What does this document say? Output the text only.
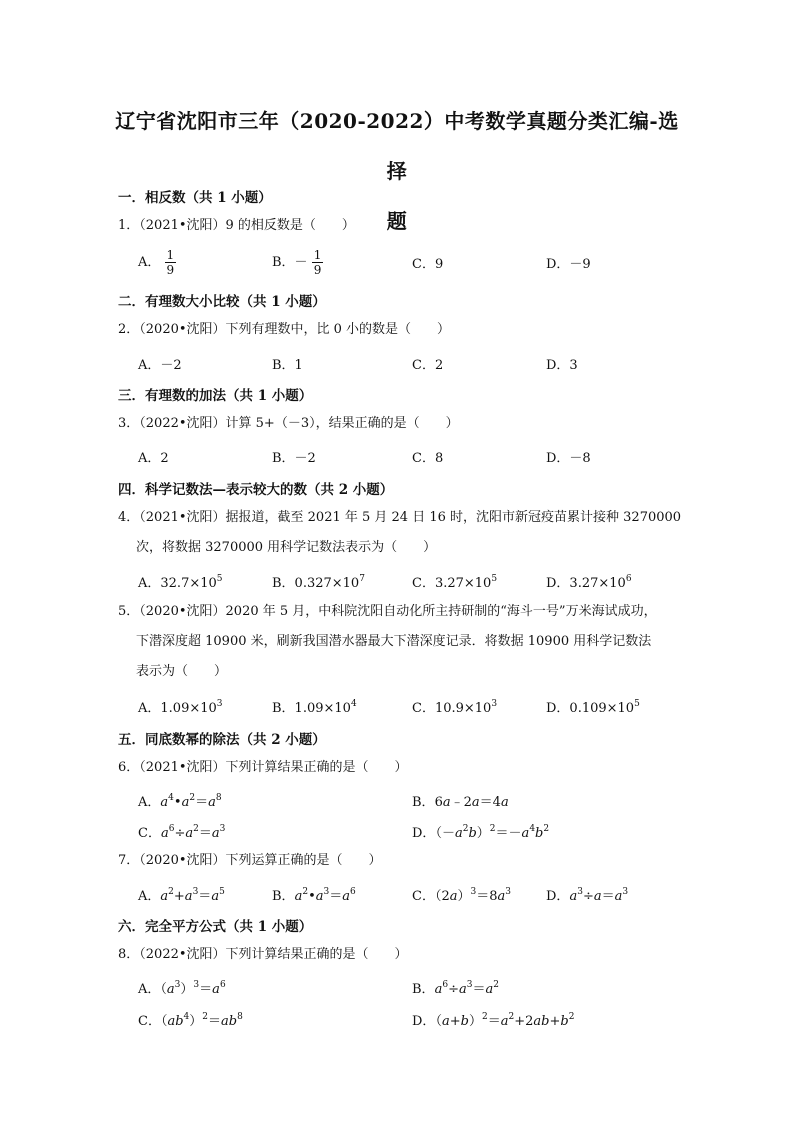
辽宁省沈阳市三年（2020-2022）中考数学真题分类汇编-选择
题
一．相反数（共 1 小题）
1．（2021•沈阳）9 的相反数是（　　）
A． $\frac{1}{9}$	B．－ $\frac{1}{9}$	C．9	D．－9
二．有理数大小比较（共 1 小题）
2．（2020•沈阳）下列有理数中，比 0 小的数是（　　）
A．－2	B．1	C．2	D．3
三．有理数的加法（共 1 小题）
3．（2022•沈阳）计算 5+（－3），结果正确的是（　　）
A．2	B．－2	C．8	D．－8
四．科学记数法—表示较大的数（共 2 小题）
4．（2021•沈阳）据报道，截至 2021 年 5 月 24 日 16 时，沈阳市新冠疫苗累计接种 3270000
次，将数据 3270000 用科学记数法表示为（　　）
A．$32.7\times 10^5$	B．$0.327\times 10^7$	C．$3.27\times 10^5$	D．$3.27\times 10^6$
5．（2020•沈阳）2020 年 5 月，中科院沈阳自动化所主持研制的“海斗一号”万米海试成功，
下潜深度超 10900 米，刷新我国潜水器最大下潜深度记录．将数据 10900 用科学记数法
表示为（　　）
A．$1.09\times 10^3$	B．$1.09\times 10^4$	C．$10.9\times 10^3$	D．$0.109\times 10^5$
五．同底数幂的除法（共 2 小题）
6．（2021•沈阳）下列计算结果正确的是（　　）
A．$a^4•a^2=a^8$	B．6a﹣2a＝4a
C．$a^6\div a^2=a^3$	D．$(-a^2b)^2=-a^4b^2$
7．（2020•沈阳）下列运算正确的是（　　）
A．$a^2+a^3=a^5$	B．$a^2•a^3=a^6$	C．$(2a)^3=8a^3$	D．$a^3\div a=a^3$
六．完全平方公式（共 1 小题）
8．（2022•沈阳）下列计算结果正确的是（　　）
A．$(a^3)^3=a^6$	B．$a^6\div a^3=a^2$
C．$(ab^4)^2=ab^8$	D．$(a+b)^2=a^2+2ab+b^2$
